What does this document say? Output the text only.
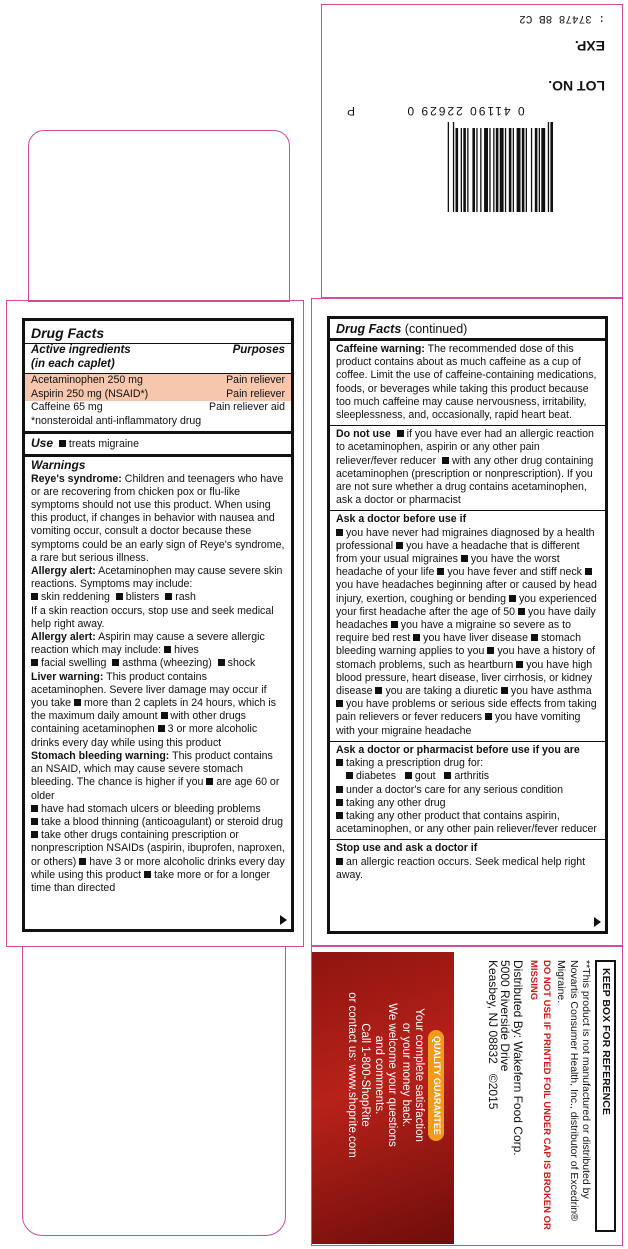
: 37478 8B C2
EXP.
LOT NO.
0 41190 22629 0
P
Drug Facts
Active ingredients	Purposes
(in each caplet)
Acetaminophen 250 mg	Pain reliever
Aspirin 250 mg (NSAID*)	Pain reliever
Caffeine 65 mg	Pain reliever aid
*nonsteroidal anti-inflammatory drug
Use treats migraine
Warnings
Reye's syndrome: Children and teenagers who have or are recovering from chicken pox or flu-like symptoms should not use this product. When using this product, if changes in behavior with nausea and vomiting occur, consult a doctor because these symptoms could be an early sign of Reye's syndrome, a rare but serious illness.
Allergy alert: Acetaminophen may cause severe skin reactions. Symptoms may include:
skin reddening blisters rash
If a skin reaction occurs, stop use and seek medical help right away.
Allergy alert: Aspirin may cause a severe allergic reaction which may include: hives
facial swelling asthma (wheezing) shock
Liver warning: This product contains acetaminophen. Severe liver damage may occur if you take more than 2 caplets in 24 hours, which is the maximum daily amount with other drugs containing acetaminophen 3 or more alcoholic drinks every day while using this product
Stomach bleeding warning: This product contains an NSAID, which may cause severe stomach bleeding. The chance is higher if you are age 60 or older
have had stomach ulcers or bleeding problems
take a blood thinning (anticoagulant) or steroid drug
take other drugs containing prescription or nonprescription NSAIDs (aspirin, ibuprofen, naproxen, or others) have 3 or more alcoholic drinks every day while using this product take more or for a longer time than directed
Drug Facts (continued)
Caffeine warning: The recommended dose of this product contains about as much caffeine as a cup of coffee. Limit the use of caffeine-containing medications, foods, or beverages while taking this product because too much caffeine may cause nervousness, irritability, sleeplessness, and, occasionally, rapid heart beat.
Do not use if you have ever had an allergic reaction to acetaminophen, aspirin or any other pain reliever/fever reducer with any other drug containing acetaminophen (prescription or nonprescription). If you are not sure whether a drug contains acetaminophen, ask a doctor or pharmacist
Ask a doctor before use if
you have never had migraines diagnosed by a health professional you have a headache that is different from your usual migraines you have the worst headache of your life you have fever and stiff neck you have headaches beginning after or caused by head injury, exertion, coughing or bending you experienced your first headache after the age of 50 you have daily headaches you have a migraine so severe as to require bed rest you have liver disease stomach bleeding warning applies to you you have a history of stomach problems, such as heartburn you have high blood pressure, heart disease, liver cirrhosis, or kidney disease you are taking a diuretic you have asthma you have problems or serious side effects from taking pain relievers or fever reducers you have vomiting with your migraine headache
Ask a doctor or pharmacist before use if you are
taking a prescription drug for:
diabetes gout arthritis
under a doctor's care for any serious condition
taking any other drug
taking any other product that contains aspirin, acetaminophen, or any other pain reliever/fever reducer
Stop use and ask a doctor if
an allergic reaction occurs. Seek medical help right away.
QUALITY GUARANTEE
Your complete satisfaction
or your money back.
We welcome your questions
and comments.
Call 1-800-ShopRite
or contact us: www.shoprite.com	KEEP BOX FOR REFERENCE
**This product is not manufactured or distributed by Novartis Consumer Health, Inc., distributor of Excedrin® Migraine.
DO NOT USE IF PRINTED FOIL UNDER CAP IS BROKEN OR MISSING
Distributed By: Wakefern Food Corp.
5000 Riverside Drive
Keasbey, NJ 08832   ©2015
